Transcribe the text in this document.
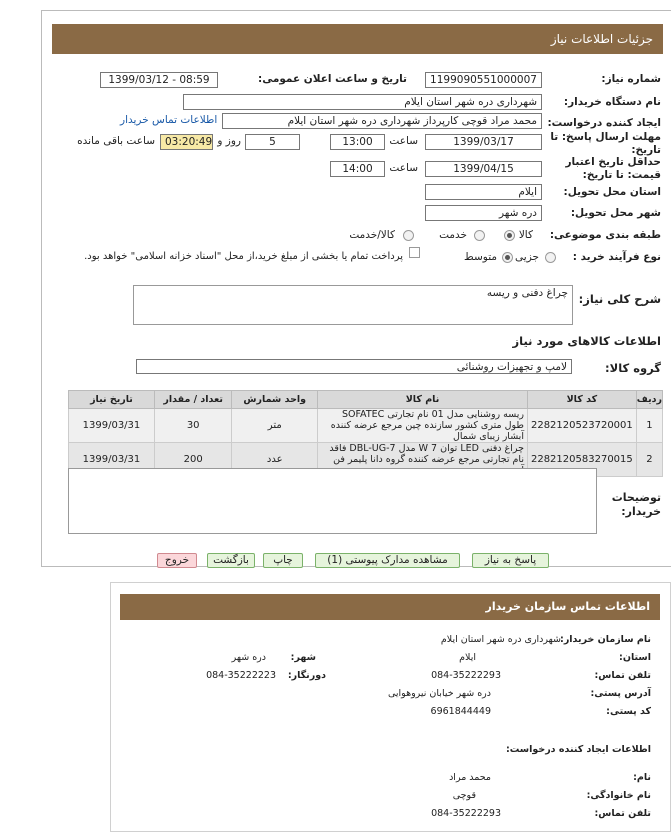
جزئیات اطلاعات نیاز
شماره نیاز:
1199090551000007
تاریخ و ساعت اعلان عمومی:
1399/03/12 - 08:59
نام دستگاه خریدار:
شهرداری دره شهر استان ایلام
ایجاد کننده درخواست:
محمد مراد قوچی کارپرداز شهرداری دره شهر استان ایلام
اطلاعات تماس خریدار
مهلت ارسال پاسخ: تا
تاریخ:
1399/03/17
ساعت
13:00
5
روز و
03:20:49
ساعت باقی مانده
حداقل تاریخ اعتبار
قیمت: تا تاریخ:
1399/04/15
ساعت
14:00
استان محل تحویل:
ایلام
شهر محل تحویل:
دره شهر
طبقه بندی موضوعی:
کالا
خدمت
کالا/خدمت
نوع فرآیند خرید :
جزیی
متوسط
پرداخت تمام یا بخشی از مبلغ خرید،از محل "اسناد خزانه اسلامی" خواهد بود.
شرح کلی نیاز:
چراغ دفنی و ریسه
اطلاعات کالاهای مورد نیاز
گروه کالا:
لامپ و تجهیزات روشنائی
ردیف	کد کالا	نام کالا	واحد شمارش	تعداد / مقدار	تاریخ نیاز
1	2282120523720001	ریسه روشنایی مدل 01 نام تجارتی SOFATEC طول متری کشور سازنده چین مرجع عرضه کننده آبشار زیبای شمال	متر	30	1399/03/31
2	2282120583270015	چراغ دفنی LED توان W 7 مدل DBL-UG-7 فاقد نام تجارتی مرجع عرضه کننده گروه دانا پلیمر فن	عدد	200	1399/03/31
توضیحات
خریدار:
پاسخ به نیاز
مشاهده مدارک پیوستی (1)
چاپ
بازگشت
خروج
اطلاعات تماس سازمان خریدار
نام سازمان خریدار:
شهرداری دره شهر استان ایلام
استان:
ایلام
شهر:
دره شهر
تلفن تماس:
084-35222293
دورنگار:
084-35222223
آدرس پستی:
دره شهر خیابان نیروهوایی
کد پستی:
6961844449
اطلاعات ایجاد کننده درخواست:
نام:
محمد مراد
نام خانوادگی:
قوچی
تلفن تماس:
084-35222293
